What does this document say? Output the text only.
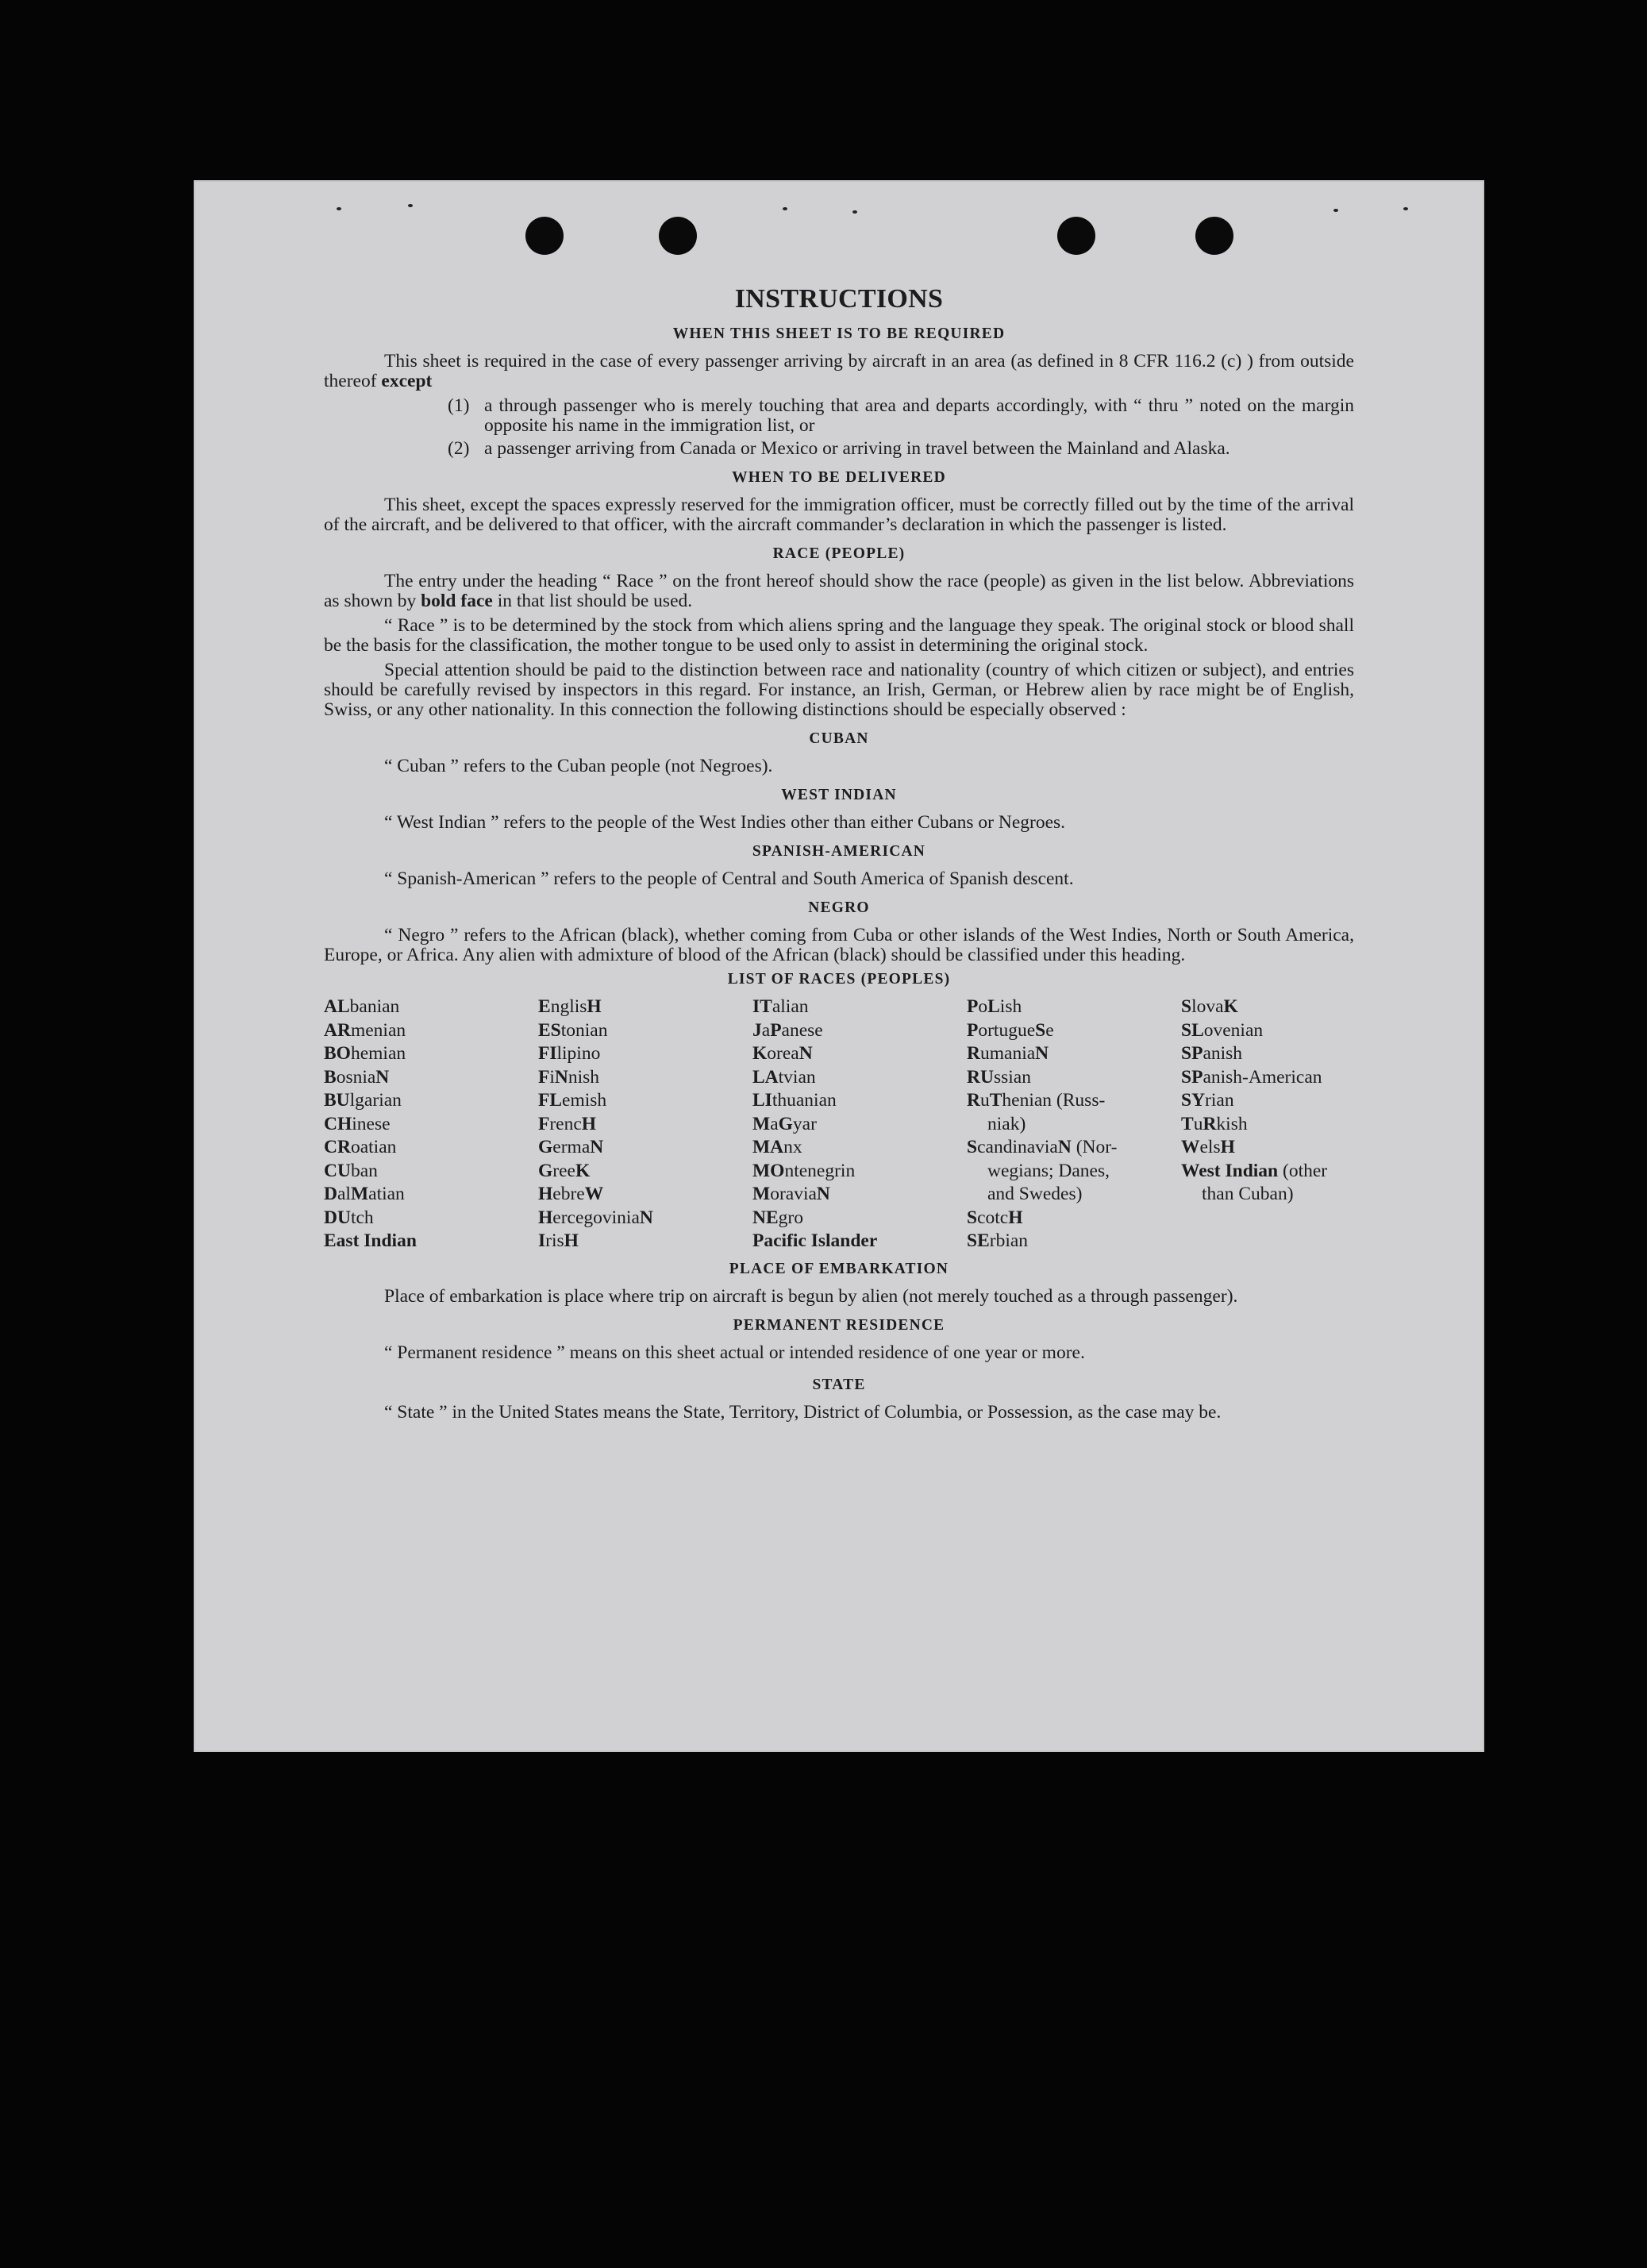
INSTRUCTIONS
WHEN THIS SHEET IS TO BE REQUIRED

This sheet is required in the case of every passenger arriving by aircraft in an area (as defined in 8 CFR 116.2 (c) ) from outside thereof except

(1) a through passenger who is merely touching that area and departs accordingly, with “ thru ” noted on the margin opposite his name in the immigration list, or
(2) a passenger arriving from Canada or Mexico or arriving in travel between the Mainland and Alaska.
WHEN TO BE DELIVERED

This sheet, except the spaces expressly reserved for the immigration officer, must be correctly filled out by the time of the arrival of the aircraft, and be delivered to that officer, with the aircraft commander’s declaration in which the passenger is listed.

RACE (PEOPLE)

The entry under the heading “ Race ” on the front hereof should show the race (people) as given in the list below. Abbreviations as shown by bold face in that list should be used.

“ Race ” is to be determined by the stock from which aliens spring and the language they speak. The original stock or blood shall be the basis for the classification, the mother tongue to be used only to assist in determining the original stock.

Special attention should be paid to the distinction between race and nationality (country of which citizen or subject), and entries should be carefully revised by inspectors in this regard. For instance, an Irish, German, or Hebrew alien by race might be of English, Swiss, or any other nationality. In this connection the following distinctions should be especially observed :

CUBAN

“ Cuban ” refers to the Cuban people (not Negroes).

WEST INDIAN

“ West Indian ” refers to the people of the West Indies other than either Cubans or Negroes.

SPANISH-AMERICAN

“ Spanish-American ” refers to the people of Central and South America of Spanish descent.

NEGRO

“ Negro ” refers to the African (black), whether coming from Cuba or other islands of the West Indies, North or South America, Europe, or Africa. Any alien with admixture of blood of the African (black) should be classified under this heading.

LIST OF RACES (PEOPLES)
ALbanian
ARmenian
BOhemian
BosniaN
BUlgarian
CHinese
CRoatian
CUban
DalMatian
DUtch
East Indian
EnglisH
EStonian
FIlipino
FiNnish
FLemish
FrencH
GermaN
GreeK
HebreW
HercegoviniaN
IrisH
ITalian
JaPanese
KoreaN
LAtvian
LIthuanian
MaGyar
MAnx
MOntenegrin
MoraviaN
NEgro
Pacific Islander
PoLish
PortugueSe
RumaniaN
RUssian
RuThenian (Russ-
niak)
ScandinaviaN (Nor-
wegians; Danes,
and Swedes)
ScotcH
SErbian
SlovaK
SLovenian
SPanish
SPanish-American
SYrian
TuRkish
WelsH
West Indian (other
than Cuban)
PLACE OF EMBARKATION

Place of embarkation is place where trip on aircraft is begun by alien (not merely touched as a through passenger).

PERMANENT RESIDENCE

“ Permanent residence ” means on this sheet actual or intended residence of one year or more.

STATE

“ State ” in the United States means the State, Territory, District of Columbia, or Possession, as the case may be.
